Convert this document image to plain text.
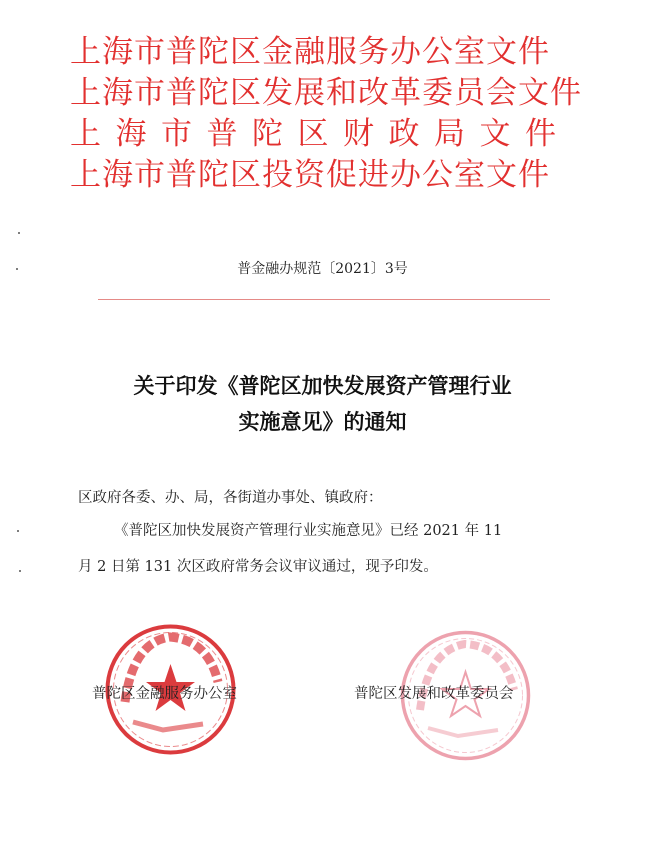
上海市普陀区金融服务办公室文件
上海市普陀区发展和改革委员会文件
上海市普陀区财政局文件
上海市普陀区投资促进办公室文件
普金融办规范〔2021〕3号
关于印发《普陀区加快发展资产管理行业
实施意见》的通知
区政府各委、办、局，各街道办事处、镇政府：
《普陀区加快发展资产管理行业实施意见》已经 2021 年 11
月 2 日第 131 次区政府常务会议审议通过，现予印发。
普陀区金融服务办公室	普陀区发展和改革委员会
